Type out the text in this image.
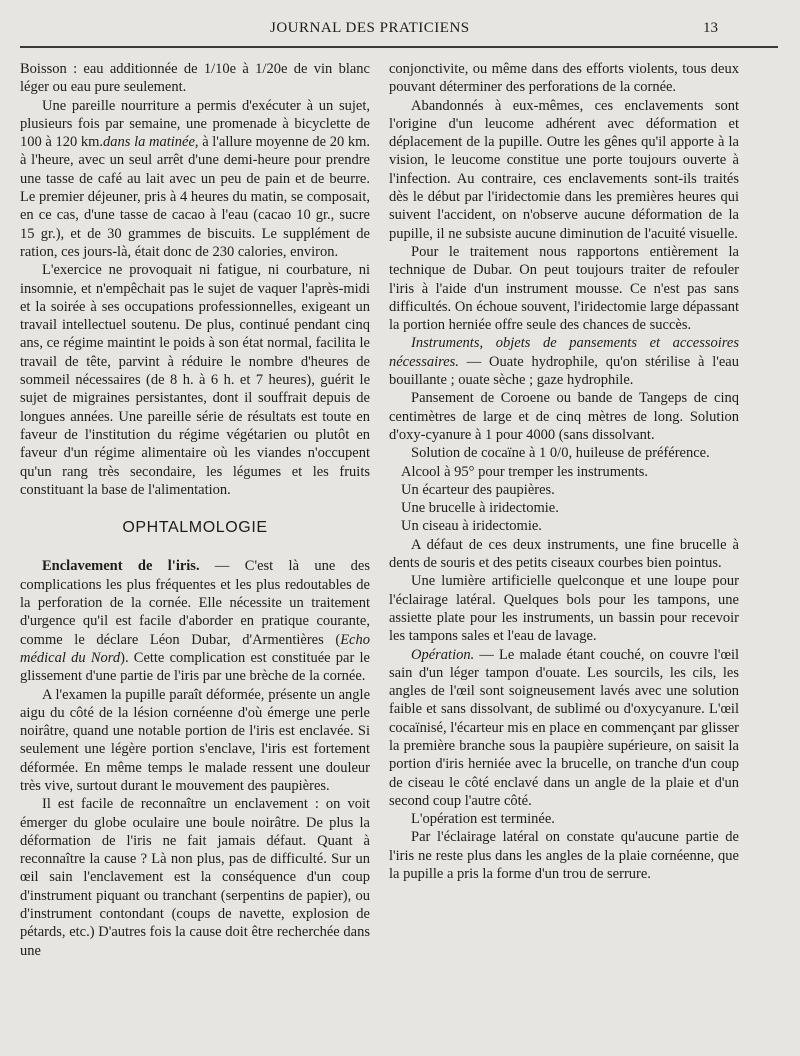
JOURNAL DES PRATICIENS	13

Boisson : eau additionnée de 1/10e à 1/20e de vin blanc léger ou eau pure seulement.

Une pareille nourriture a permis d'exécuter à un sujet, plusieurs fois par semaine, une promenade à bicyclette de 100 à 120 km.dans la matinée, à l'allure moyenne de 20 km. à l'heure, avec un seul arrêt d'une demi-heure pour prendre une tasse de café au lait avec un peu de pain et de beurre. Le premier déjeuner, pris à 4 heures du matin, se composait, en ce cas, d'une tasse de cacao à l'eau (cacao 10 gr., sucre 15 gr.), et de 30 grammes de biscuits. Le supplément de ration, ces jours-là, était donc de 230 calories, environ.

L'exercice ne provoquait ni fatigue, ni courbature, ni insomnie, et n'empêchait pas le sujet de vaquer l'après-midi et la soirée à ses occupations professionnelles, exigeant un travail intellectuel soutenu. De plus, continué pendant cinq ans, ce régime maintint le poids à son état normal, facilita le travail de tête, parvint à réduire le nombre d'heures de sommeil nécessaires (de 8 h. à 6 h. et 7 heures), guérit le sujet de migraines persistantes, dont il souffrait depuis de longues années. Une pareille série de résultats est toute en faveur de l'institution du régime végétarien ou plutôt en faveur d'un régime alimentaire où les viandes n'occupent qu'un rang très secondaire, les légumes et les fruits constituant la base de l'alimentation.

OPHTALMOLOGIE

Enclavement de l'iris. — C'est là une des complications les plus fréquentes et les plus redoutables de la perforation de la cornée. Elle nécessite un traitement d'urgence qu'il est facile d'aborder en pratique courante, comme le déclare Léon Dubar, d'Armentières (Echo médical du Nord). Cette complication est constituée par le glissement d'une partie de l'iris par une brèche de la cornée.

A l'examen la pupille paraît déformée, présente un angle aigu du côté de la lésion cornéenne d'où émerge une perle noirâtre, quand une notable portion de l'iris est enclavée. Si seulement une légère portion s'enclave, l'iris est fortement déformée. En même temps le malade ressent une douleur très vive, surtout durant le mouvement des paupières.

Il est facile de reconnaître un enclavement : on voit émerger du globe oculaire une boule noirâtre. De plus la déformation de l'iris ne fait jamais défaut. Quant à reconnaître la cause ? Là non plus, pas de difficulté. Sur un œil sain l'enclavement est la conséquence d'un coup d'instrument piquant ou tranchant (serpentins de papier), ou d'instrument contondant (coups de navette, explosion de pétards, etc.) D'autres fois la cause doit être recherchée dans une

conjonctivite, ou même dans des efforts violents, tous deux pouvant déterminer des perforations de la cornée.

Abandonnés à eux-mêmes, ces enclavements sont l'origine d'un leucome adhérent avec déformation et déplacement de la pupille. Outre les gênes qu'il apporte à la vision, le leucome constitue une porte toujours ouverte à l'infection. Au contraire, ces enclavements sont-ils traités dès le début par l'iridectomie dans les premières heures qui suivent l'accident, on n'observe aucune déformation de la pupille, il ne subsiste aucune diminution de l'acuité visuelle.

Pour le traitement nous rapportons entièrement la technique de Dubar. On peut toujours traiter de refouler l'iris à l'aide d'un instrument mousse. Ce n'est pas sans difficultés. On échoue souvent, l'iridectomie large dépassant la portion herniée offre seule des chances de succès.

Instruments, objets de pansements et accessoires nécessaires. — Ouate hydrophile, qu'on stérilise à l'eau bouillante ; ouate sèche ; gaze hydrophile.

Pansement de Coroene ou bande de Tangeps de cinq centimètres de large et de cinq mètres de long. Solution d'oxy-cyanure à 1 pour 4000 (sans dissolvant.

Solution de cocaïne à 1 0/0, huileuse de préférence.

Alcool à 95° pour tremper les instruments.

Un écarteur des paupières.

Une brucelle à iridectomie.

Un ciseau à iridectomie.

A défaut de ces deux instruments, une fine brucelle à dents de souris et des petits ciseaux courbes bien pointus.

Une lumière artificielle quelconque et une loupe pour l'éclairage latéral. Quelques bols pour les tampons, une assiette plate pour les instruments, un bassin pour recevoir les tampons sales et l'eau de lavage.

Opération. — Le malade étant couché, on couvre l'œil sain d'un léger tampon d'ouate. Les sourcils, les cils, les angles de l'œil sont soigneusement lavés avec une solution faible et sans dissolvant, de sublimé ou d'oxycyanure. L'œil cocaïnisé, l'écarteur mis en place en commençant par glisser la première branche sous la paupière supérieure, on saisit la portion d'iris herniée avec la brucelle, on tranche d'un coup de ciseau le côté enclavé dans un angle de la plaie et d'un second coup l'autre côté.

L'opération est terminée.

Par l'éclairage latéral on constate qu'aucune partie de l'iris ne reste plus dans les angles de la plaie cornéenne, que la pupille a pris la forme d'un trou de serrure.
